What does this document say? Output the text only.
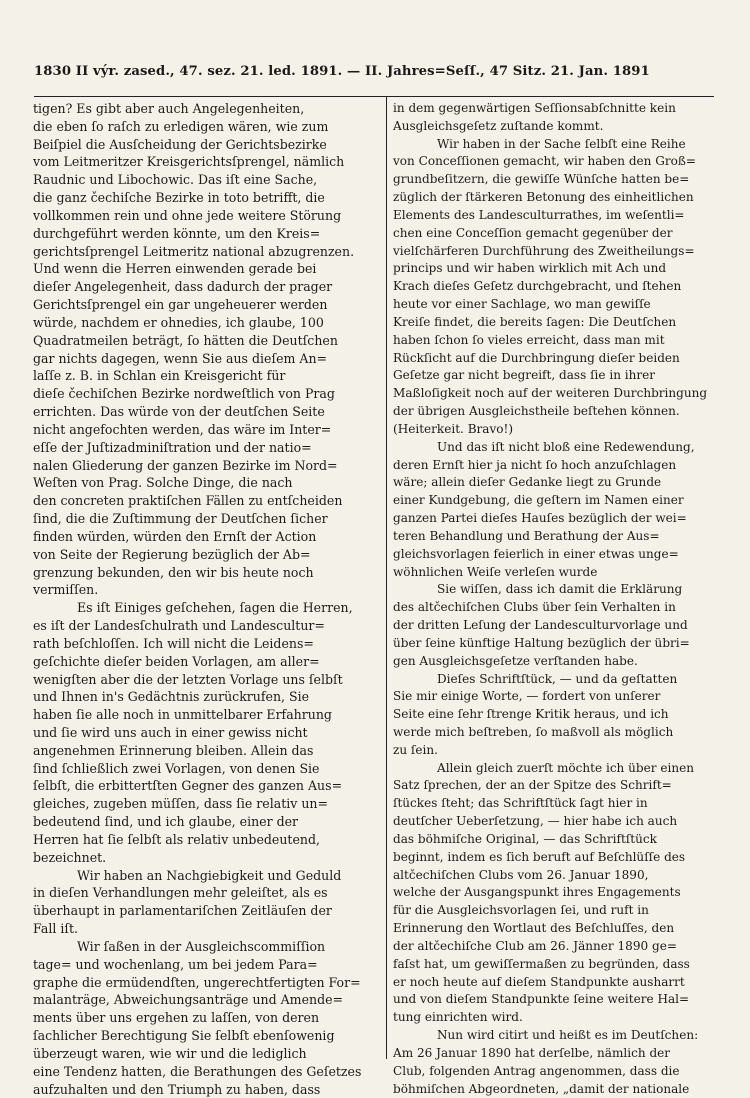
1830 II výr. zased., 47. sez. 21. led. 1891. — II. Jahres=Seſſ., 47 Sitz. 21. Jan. 1891

tigen? Es gibt aber auch Angelegenheiten,

die eben ſo raſch zu erledigen wären, wie zum

Beiſpiel die Ausſcheidung der Gerichtsbezirke

vom Leitmeritzer Kreisgerichtsſprengel, nämlich

Raudnic und Libochowic. Das iſt eine Sache,

die ganz čechiſche Bezirke in toto betrifft, die

vollkommen rein und ohne jede weitere Störung

durchgeführt werden könnte, um den Kreis=

gerichtsſprengel Leitmeritz national abzugrenzen.

Und wenn die Herren einwenden gerade bei

dieſer Angelegenheit, dass dadurch der prager

Gerichtsſprengel ein gar ungeheuerer werden

würde, nachdem er ohnedies, ich glaube, 100

Quadratmeilen beträgt, ſo hätten die Deutſchen

gar nichts dagegen, wenn Sie aus dieſem An=

laſſe z. B. in Schlan ein Kreisgericht für

dieſe čechiſchen Bezirke nordweſtlich von Prag

errichten. Das würde von der deutſchen Seite

nicht angefochten werden, das wäre im Inter=

eſſe der Juſtizadminiſtration und der natio=

nalen Gliederung der ganzen Bezirke im Nord=

Weſten von Prag. Solche Dinge, die nach

den concreten praktiſchen Fällen zu entſcheiden

ſind, die die Zuſtimmung der Deutſchen ſicher

finden würden, würden den Ernſt der Action

von Seite der Regierung bezüglich der Ab=

grenzung bekunden, den wir bis heute noch

vermiſſen.

Es iſt Einiges geſchehen, ſagen die Herren,

es iſt der Landesſchulrath und Landescultur=

rath beſchloſſen. Ich will nicht die Leidens=

geſchichte dieſer beiden Vorlagen, am aller=

wenigſten aber die der letzten Vorlage uns ſelbſt

und Ihnen in's Gedächtnis zurückrufen, Sie

haben ſie alle noch in unmittelbarer Erfahrung

und ſie wird uns auch in einer gewiss nicht

angenehmen Erinnerung bleiben. Allein das

ſind ſchließlich zwei Vorlagen, von denen Sie

ſelbſt, die erbittertſten Gegner des ganzen Aus=

gleiches, zugeben müſſen, dass ſie relativ un=

bedeutend ſind, und ich glaube, einer der

Herren hat ſie ſelbſt als relativ unbedeutend,

bezeichnet.

Wir haben an Nachgiebigkeit und Geduld

in dieſen Verhandlungen mehr geleiſtet, als es

überhaupt in parlamentariſchen Zeitläuſen der

Fall iſt.

Wir ſaßen in der Ausgleichscommiſſion

tage= und wochenlang, um bei jedem Para=

graphe die ermüdendſten, ungerechtfertigten For=

malanträge, Abweichungsanträge und Amende=

ments über uns ergehen zu laſſen, von deren

ſachlicher Berechtigung Sie ſelbſt ebenſowenig

überzeugt waren, wie wir und die lediglich

eine Tendenz hatten, die Berathungen des Geſetzes

aufzuhalten und den Triumph zu haben, dass

in dem gegenwärtigen Seſſionsabſchnitte kein

Ausgleichsgeſetz zuſtande kommt.

Wir haben in der Sache ſelbſt eine Reihe

von Conceſſionen gemacht, wir haben den Groß=

grundbeſitzern, die gewiſſe Wünſche hatten be=

züglich der ſtärkeren Betonung des einheitlichen

Elements des Landesculturrathes, im weſentli=

chen eine Conceſſion gemacht gegenüber der

vielſchärferen Durchführung des Zweitheilungs=

princips und wir haben wirklich mit Ach und

Krach dieſes Geſetz durchgebracht, und ſtehen

heute vor einer Sachlage, wo man gewiſſe

Kreiſe findet, die bereits ſagen: Die Deutſchen

haben ſchon ſo vieles erreicht, dass man mit

Rückſicht auf die Durchbringung dieſer beiden

Geſetze gar nicht begreift, dass ſie in ihrer

Maßloſigkeit noch auf der weiteren Durchbringung

der übrigen Ausgleichstheile beſtehen können.

(Heiterkeit. Bravo!)

Und das iſt nicht bloß eine Redewendung,

deren Ernſt hier ja nicht ſo hoch anzuſchlagen

wäre; allein dieſer Gedanke liegt zu Grunde

einer Kundgebung, die geſtern im Namen einer

ganzen Partei dieſes Hauſes bezüglich der wei=

teren Behandlung und Berathung der Aus=

gleichsvorlagen feierlich in einer etwas unge=

wöhnlichen Weiſe verleſen wurde

Sie wiſſen, dass ich damit die Erklärung

des altčechiſchen Clubs über ſein Verhalten in

der dritten Leſung der Landesculturvorlage und

über ſeine künftige Haltung bezüglich der übri=

gen Ausgleichsgeſetze verſtanden habe.

Dieſes Schriftſtück, — und da geſtatten

Sie mir einige Worte, — fordert von unſerer

Seite eine ſehr ſtrenge Kritik heraus, und ich

werde mich beſtreben, ſo maßvoll als möglich

zu ſein.

Allein gleich zuerſt möchte ich über einen

Satz ſprechen, der an der Spitze des Schrift=

ſtückes ſteht; das Schriftſtück ſagt hier in

deutſcher Ueberſetzung, — hier habe ich auch

das böhmiſche Original, — das Schriftſtück

beginnt, indem es ſich beruft auf Beſchlüſſe des

altčechiſchen Clubs vom 26. Januar 1890,

welche der Ausgangspunkt ihres Engagements

für die Ausgleichsvorlagen ſei, und ruft in

Erinnerung den Wortlaut des Beſchluſſes, den

der altčechiſche Club am 26. Jänner 1890 ge=

faſst hat, um gewiſſermaßen zu begründen, dass

er noch heute auf dieſem Standpunkte ausharrt

und von dieſem Standpunkte ſeine weitere Hal=

tung einrichten wird.

Nun wird citirt und heißt es im Deutſchen:

Am 26 Januar 1890 hat derſelbe, nämlich der

Club, folgenden Antrag angenommen, dass die

böhmiſchen Abgeordneten, „damit der nationale
